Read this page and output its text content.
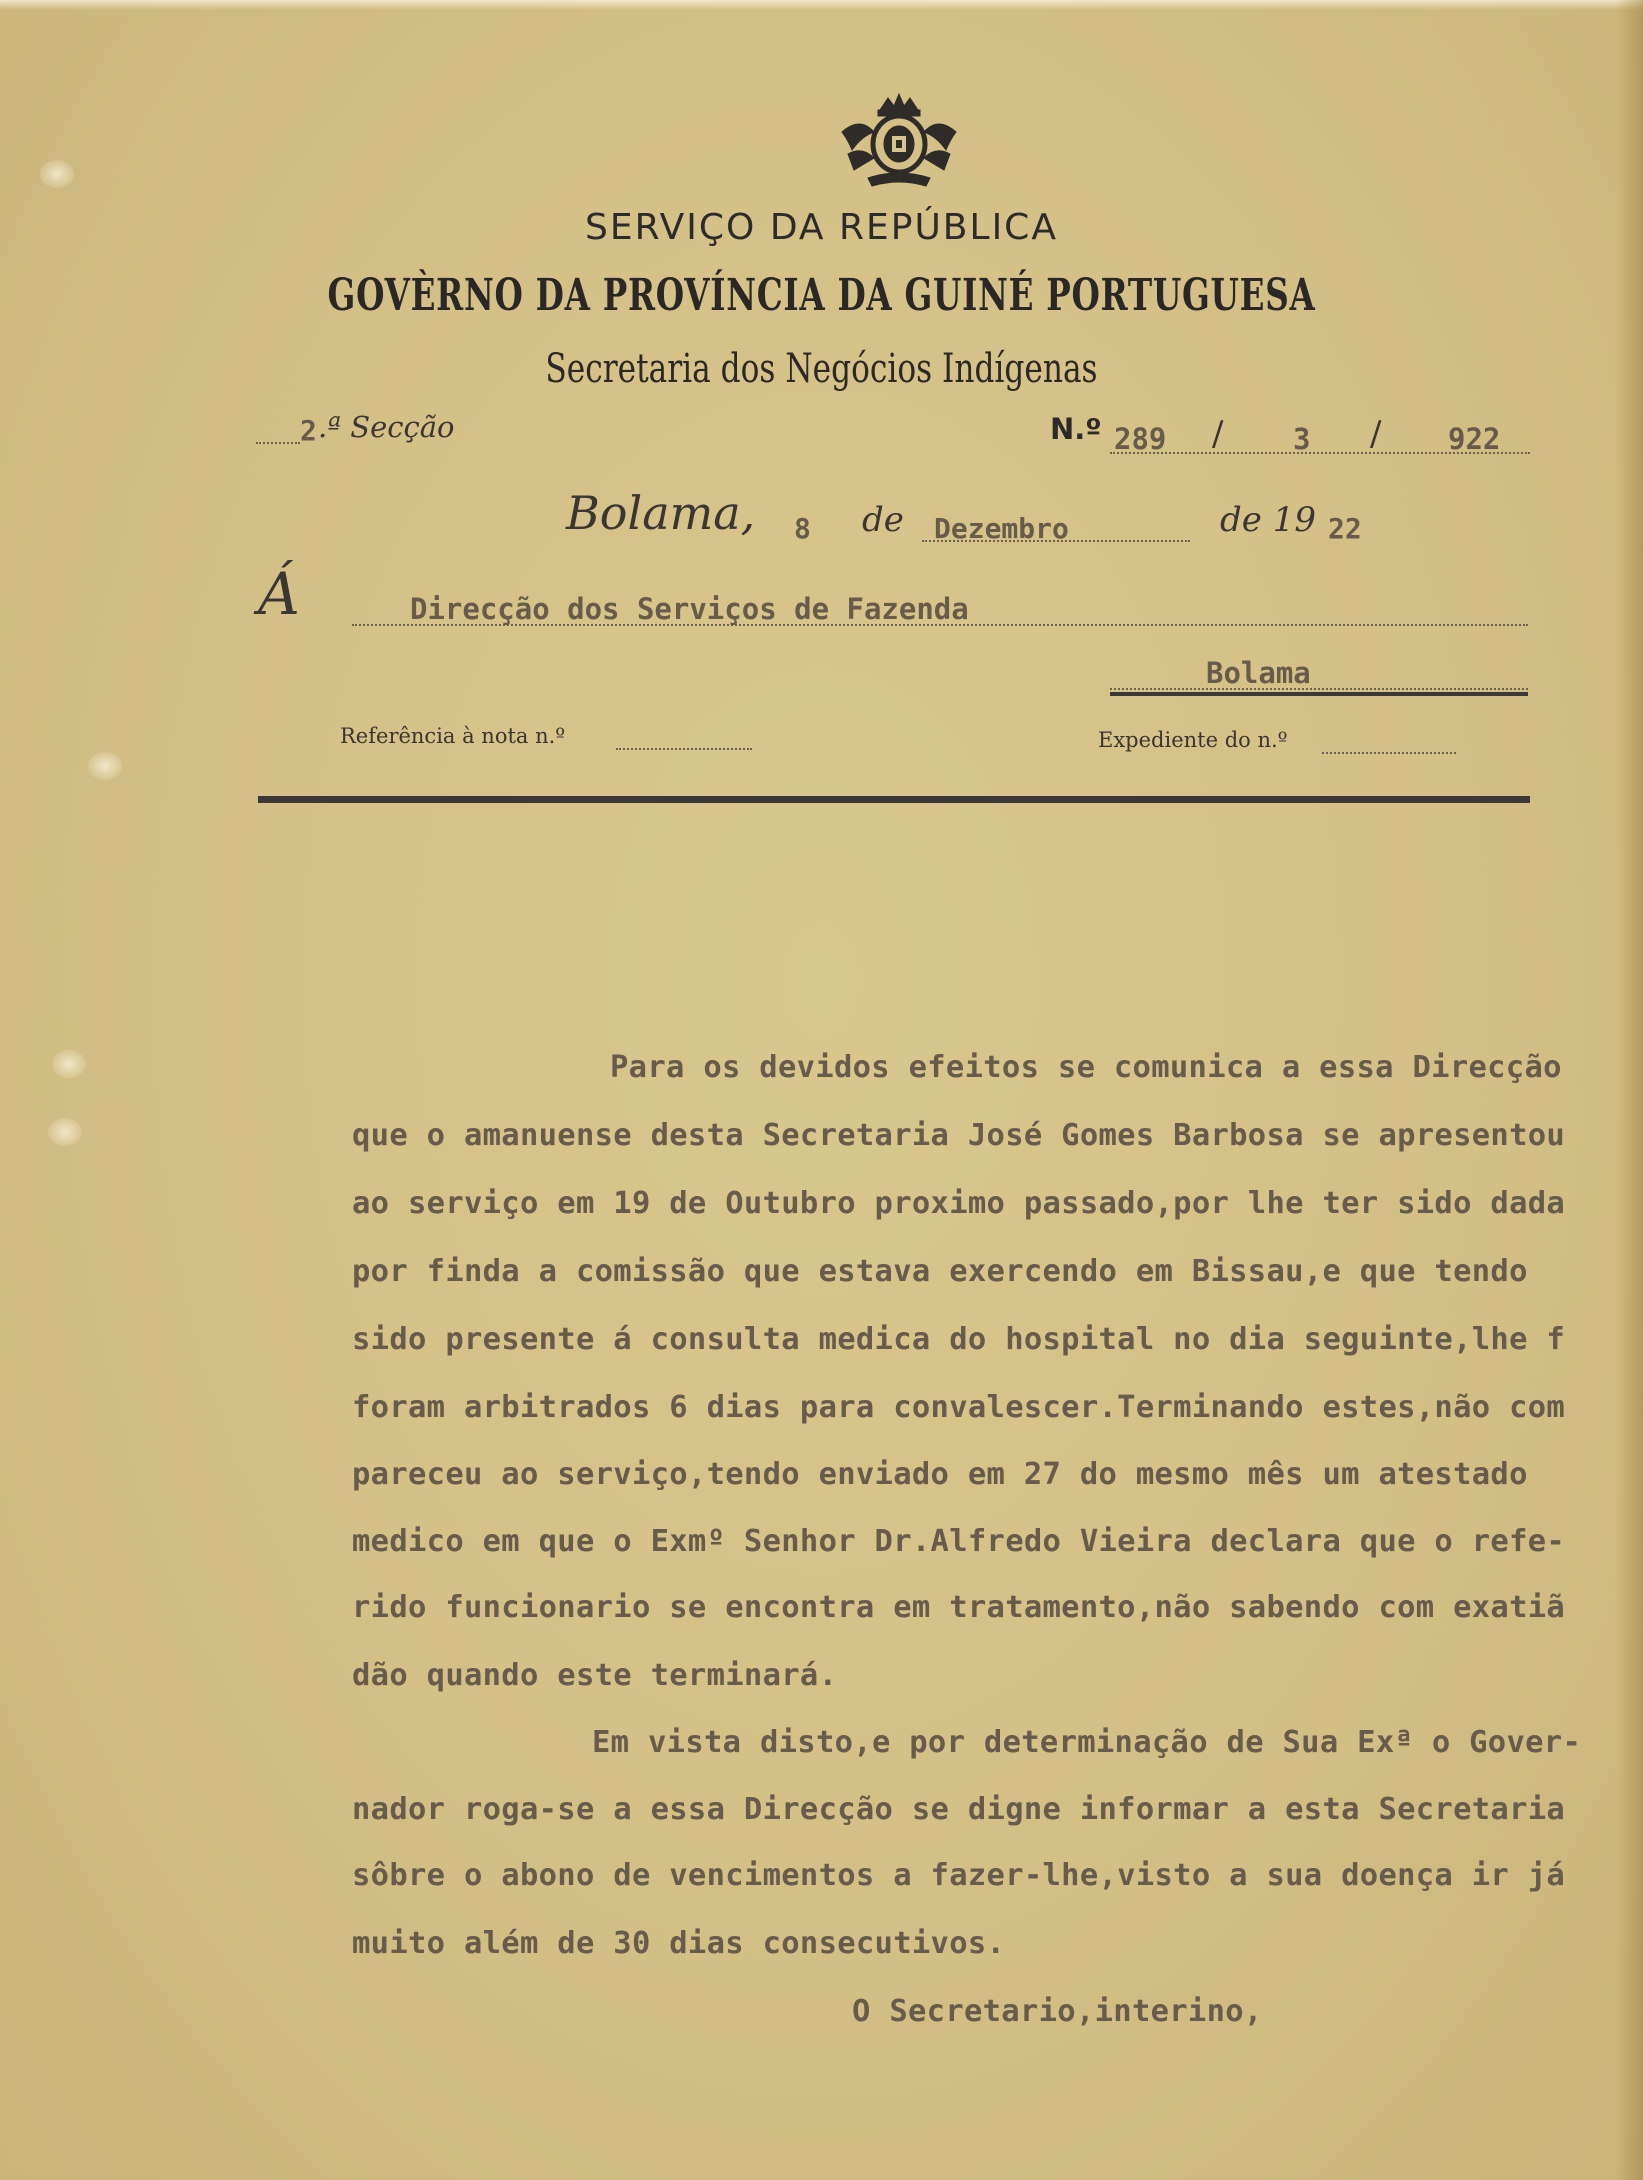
SERVIÇO DA REPÚBLICA
GOVÈRNO DA PROVÍNCIA DA GUINÉ PORTUGUESA
Secretaria dos Negócios Indígenas
2 .ª Secção	N.º 289 / 3 / 922
Bolama, 8 de Dezembro	de 19 22
Á	Direcção dos Serviços de Fazenda
Bolama
Referência à nota n.º	Expediente do n.º
Para os devidos efeitos se comunica a essa Direcção
que o amanuense desta Secretaria José Gomes Barbosa se apresentou
ao serviço em 19 de Outubro proximo passado,por lhe ter sido dada
por finda a comissão que estava exercendo em Bissau,e que tendo
sido presente á consulta medica do hospital no dia seguinte,lhe f
foram arbitrados 6 dias para convalescer.Terminando estes,não com
pareceu ao serviço,tendo enviado em 27 do mesmo mês um atestado
medico em que o Exmº Senhor Dr.Alfredo Vieira declara que o refe-
rido funcionario se encontra em tratamento,não sabendo com exatiã
dão quando este terminará.
Em vista disto,e por determinação de Sua Exª o Gover-
nador roga-se a essa Direcção se digne informar a esta Secretaria
sôbre o abono de vencimentos a fazer-lhe,visto a sua doença ir já
muito além de 30 dias consecutivos.
O Secretario,interino,
